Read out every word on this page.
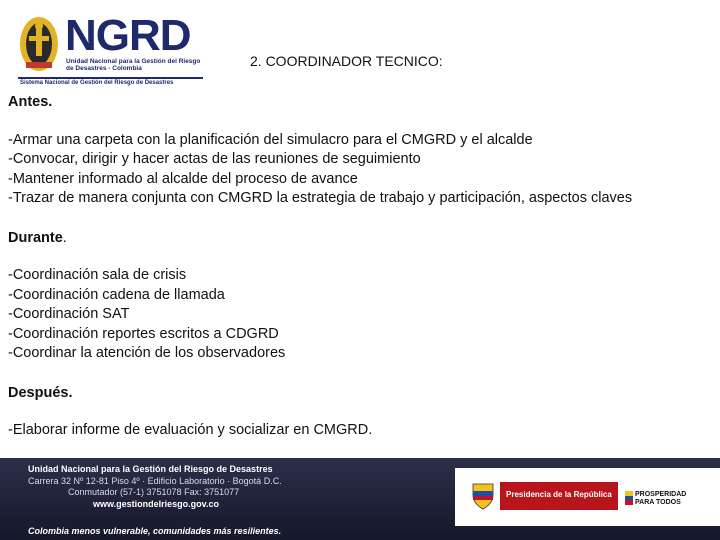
NGRD
Unidad Nacional para la Gestión del Riesgo de Desastres - Colombia
Sistema Nacional de Gestión del Riesgo de Desastres
2. COORDINADOR TECNICO:

Antes.

-Armar una carpeta con la planificación del simulacro para el CMGRD y el alcalde
-Convocar, dirigir y hacer actas de las reuniones de seguimiento
-Mantener informado al alcalde del proceso de avance
-Trazar de manera conjunta con CMGRD la estrategia de trabajo y participación, aspectos claves

Durante.

-Coordinación sala de crisis
-Coordinación cadena de llamada
-Coordinación SAT
-Coordinación reportes escritos a CDGRD
-Coordinar la atención de los observadores

Después.

-Elaborar informe de evaluación y socializar en CMGRD.
Unidad Nacional para la Gestión del Riesgo de Desastres
Carrera 32 Nº 12-81 Piso 4º · Edificio Laboratorio · Bogotá D.C.
Conmutador (57-1) 3751078 Fax: 3751077
www.gestiondelriesgo.gov.co
Colombia menos vulnerable, comunidades más resilientes.
Presidencia de la República	PROSPERIDAD
PARA TODOS
